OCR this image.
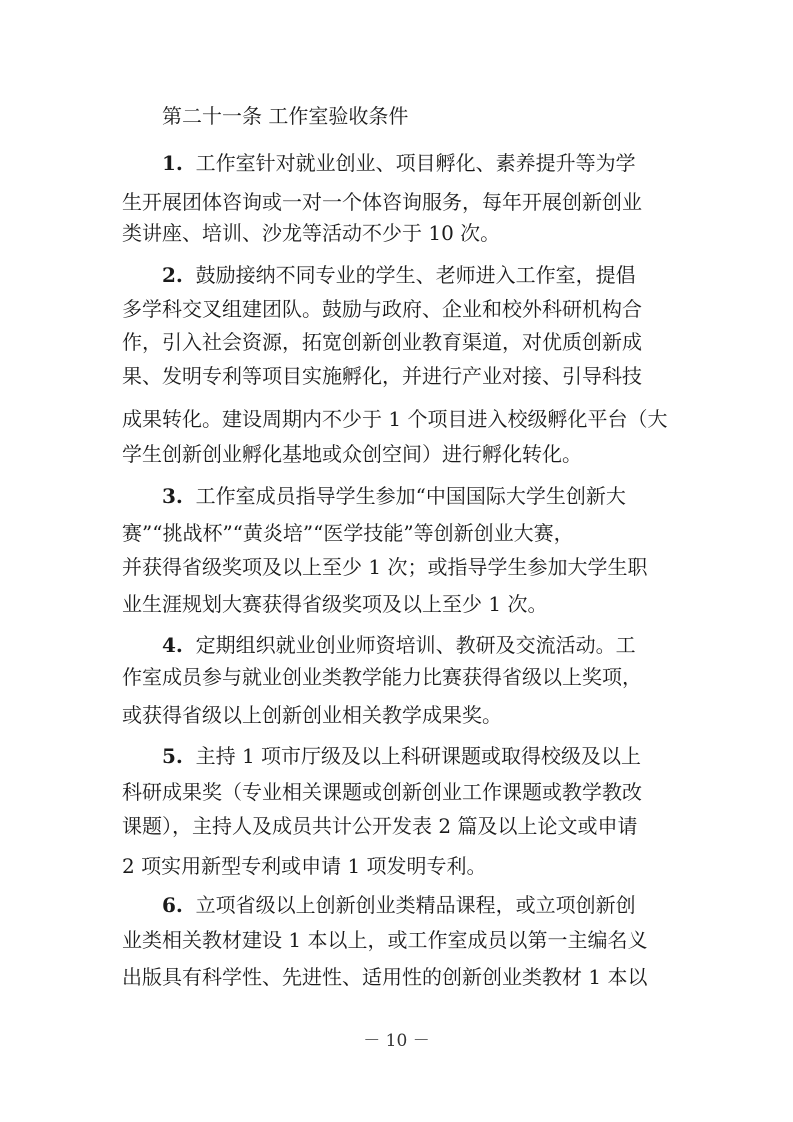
第二十一条 工作室验收条件
1. 工作室针对就业创业、项目孵化、素养提升等为学
生开展团体咨询或一对一个体咨询服务，每年开展创新创业
类讲座、培训、沙龙等活动不少于 10 次。
2. 鼓励接纳不同专业的学生、老师进入工作室，提倡
多学科交叉组建团队。鼓励与政府、企业和校外科研机构合
作，引入社会资源，拓宽创新创业教育渠道，对优质创新成
果、发明专利等项目实施孵化，并进行产业对接、引导科技
成果转化。建设周期内不少于 1 个项目进入校级孵化平台（大
学生创新创业孵化基地或众创空间）进行孵化转化。
3. 工作室成员指导学生参加“中国国际大学生创新大
赛”“挑战杯”“黄炎培”“医学技能”等创新创业大赛，
并获得省级奖项及以上至少 1 次；或指导学生参加大学生职
业生涯规划大赛获得省级奖项及以上至少 1 次。
4. 定期组织就业创业师资培训、教研及交流活动。工
作室成员参与就业创业类教学能力比赛获得省级以上奖项，
或获得省级以上创新创业相关教学成果奖。
5. 主持 1 项市厅级及以上科研课题或取得校级及以上
科研成果奖（专业相关课题或创新创业工作课题或教学教改
课题），主持人及成员共计公开发表 2 篇及以上论文或申请
2 项实用新型专利或申请 1 项发明专利。
6. 立项省级以上创新创业类精品课程，或立项创新创
业类相关教材建设 1 本以上，或工作室成员以第一主编名义
出版具有科学性、先进性、适用性的创新创业类教材 1 本以
－ 10 －
